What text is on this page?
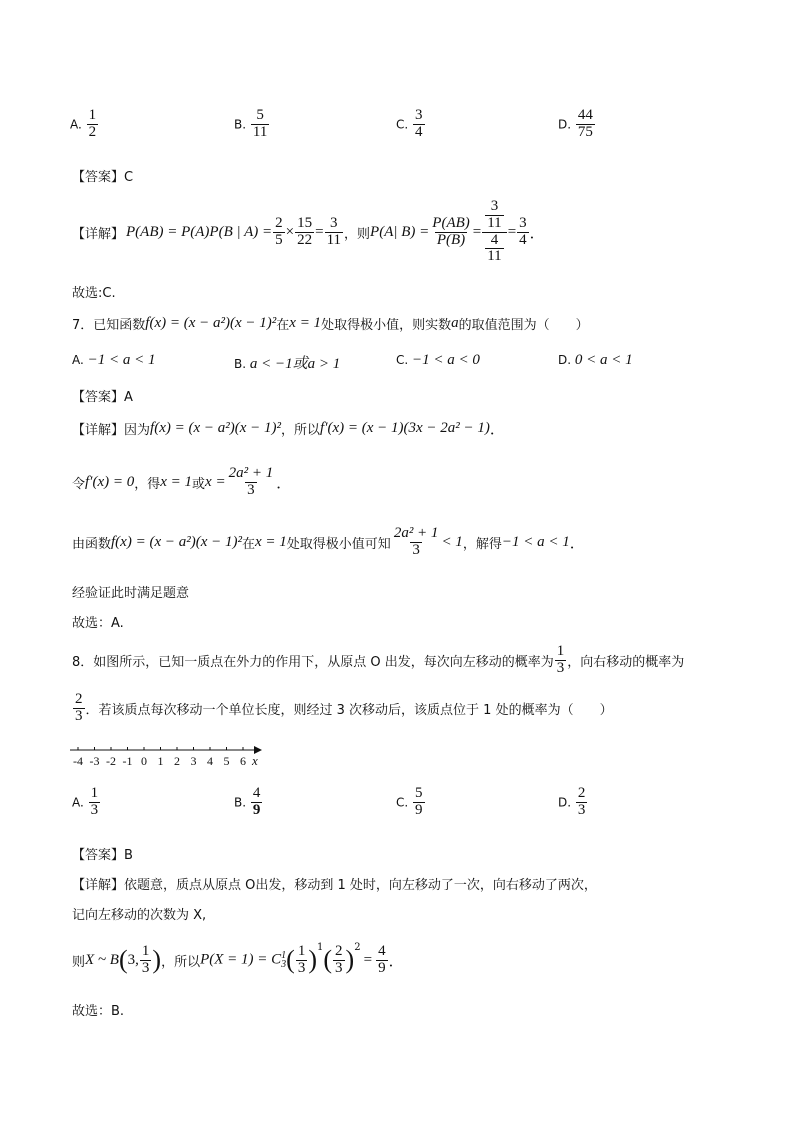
A. $\frac{1}{2}$	B. $\frac{5}{11}$	C. $\frac{3}{4}$	D. $\frac{44}{75}$
【答案】C
【详解】 P(AB) = P(A)P(B | $A) = \frac{2}{5} \times \frac{15}{22} = \frac{3}{11}$ ，则 P(A| $B) = \frac{P(AB)}{P(B)} = \frac{\frac{3}{11}}{\frac{4}{11}} = \frac{3}{4}$ ．
故选:C.
7．已知函数 f(x) = (x − a²)(x − 1)² 在 x = 1 处取得极小值，则实数 a 的取值范围为（　　）
A. −1 < a < 1	B. a < −1或a > 1	C. −1 < a < 0	D. 0 < a < 1
【答案】A
【详解】 因为 f(x) = (x − a²)(x − 1)² ，所以 f′(x) = (x − 1)(3x − 2a² − 1) ．
令 f′(x) = 0 ，得 x = 1 或 $x = \frac{\text{2a² + 1}}{3}$ ．
由函数 f(x) = (x − a²)(x − 1)² 在 x = 1 处取得极小值可知 $\frac{\text{2a² + 1}}{3} < 1$ ，解得 −1 < a < 1 ．
经验证此时满足题意
故选：A.
8．如图所示，已知一质点在外力的作用下，从原点 O 出发，每次向左移动的概率为 $\frac{1}{3}$ ，向右移动的概率为
$\frac{2}{3}$ ．若该质点每次移动一个单位长度，则经过 3 次移动后，该质点位于 1 处的概率为（　　）
-4 -3 -2 -1 0 1 2 3 4 5 6 x
A. $\frac{1}{3}$	B. $\frac{4}{9}$	C. $\frac{5}{9}$	D. $\frac{2}{3}$
【答案】B
【详解】 依题意，质点从原点 O出发，移动到 1 处时，向左移动了一次，向右移动了两次，
记向左移动的次数为 X,
则 X ~ B ( 3, $\frac{1}{3}$ ) ，所以 P(X = 1) = C 1
3 ( $\frac{1}{3} )^1$ ( $\frac{2}{3} )^2$
= $\frac{4}{9}$ ．
故选：B.
